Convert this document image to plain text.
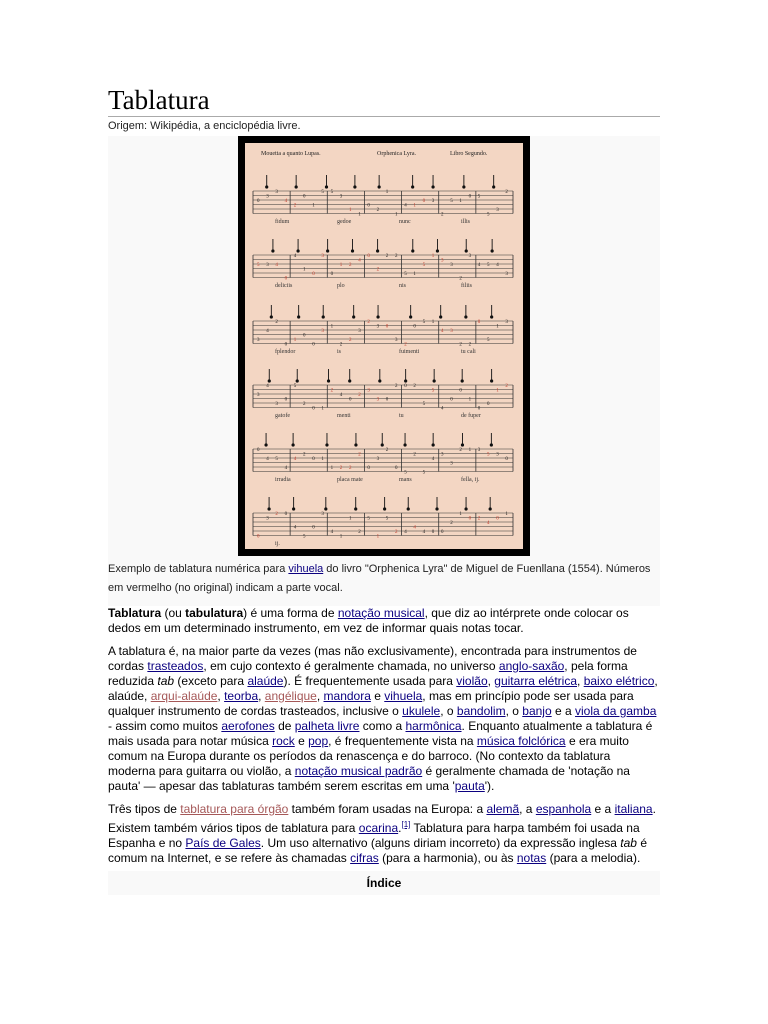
Tablatura
Origem: Wikipédia, a enciclopédia livre.
Mouetta a quanto Lupas.	Orphenica Lyra.	Libro Segundo.
0
3
3
4
2
0
1
5 5
3
1
1
0
2
1
1
4 1
0 3
2
5 1
0 5
5
3
2
5 3 4
0
4
1
0
3
0
1 2
4
0
2
2 2
5 1
5
1
3
3
2
3
4 5 4
3
3
4
2
0
1
0
0
3
1
2
2
3
2
3 0
3
2
0
5 1
4 3
2 2
0
5
1
3
3
4
3
0
5
2
0 1
2
4
0
2
3
3 0
2 0 2
5
5
4
0
0
1
0
0
1
2
0
4 5
4
4
2
0 1
1 2 2
2
0
3
2
0
5
2
5
4
3
3
2 1 3
5 3
0
0
3
2 0
4
5
0
3
4
1
1
2
5
1
5
2 4
4
4 0 0
2
1
0 2
4
0
1
fidum	gedoe	nunc	illis
deliciis	plo	nis	filiis
fplendor	is	fuimenti	tu cali
gatofe	menti	tu	de fuper
irradia	placa mate	mans	fella, ij.
ij.
Exemplo de tablatura numérica para vihuela do livro "Orphenica Lyra" de Miguel de Fuenllana (1554). Números em vermelho (no original) indicam a parte vocal.

Tablatura (ou tabulatura) é uma forma de notação musical, que diz ao intérprete onde colocar os dedos em um determinado instrumento, em vez de informar quais notas tocar.

A tablatura é, na maior parte da vezes (mas não exclusivamente), encontrada para instrumentos de cordas trasteados, em cujo contexto é geralmente chamada, no universo anglo-saxão, pela forma reduzida tab (exceto para alaúde). É frequentemente usada para violão, guitarra elétrica, baixo elétrico, alaúde, arqui-alaúde, teorba, angélique, mandora e vihuela, mas em princípio pode ser usada para qualquer instrumento de cordas trasteados, inclusive o ukulele, o bandolim, o banjo e a viola da gamba - assim como muitos aerofones de palheta livre como a harmônica. Enquanto atualmente a tablatura é mais usada para notar música rock e pop, é frequentemente vista na música folclórica e era muito comum na Europa durante os períodos da renascença e do barroco. (No contexto da tablatura moderna para guitarra ou violão, a notação musical padrão é geralmente chamada de 'notação na pauta' — apesar das tablaturas também serem escritas em uma 'pauta').

Três tipos de tablatura para órgão também foram usadas na Europa: a alemã, a espanhola e a italiana. Existem também vários tipos de tablatura para ocarina.[1] Tablatura para harpa também foi usada na Espanha e no País de Gales. Um uso alternativo (alguns diriam incorreto) da expressão inglesa tab é comum na Internet, e se refere às chamadas cifras (para a harmonia), ou às notas (para a melodia).

Índice
